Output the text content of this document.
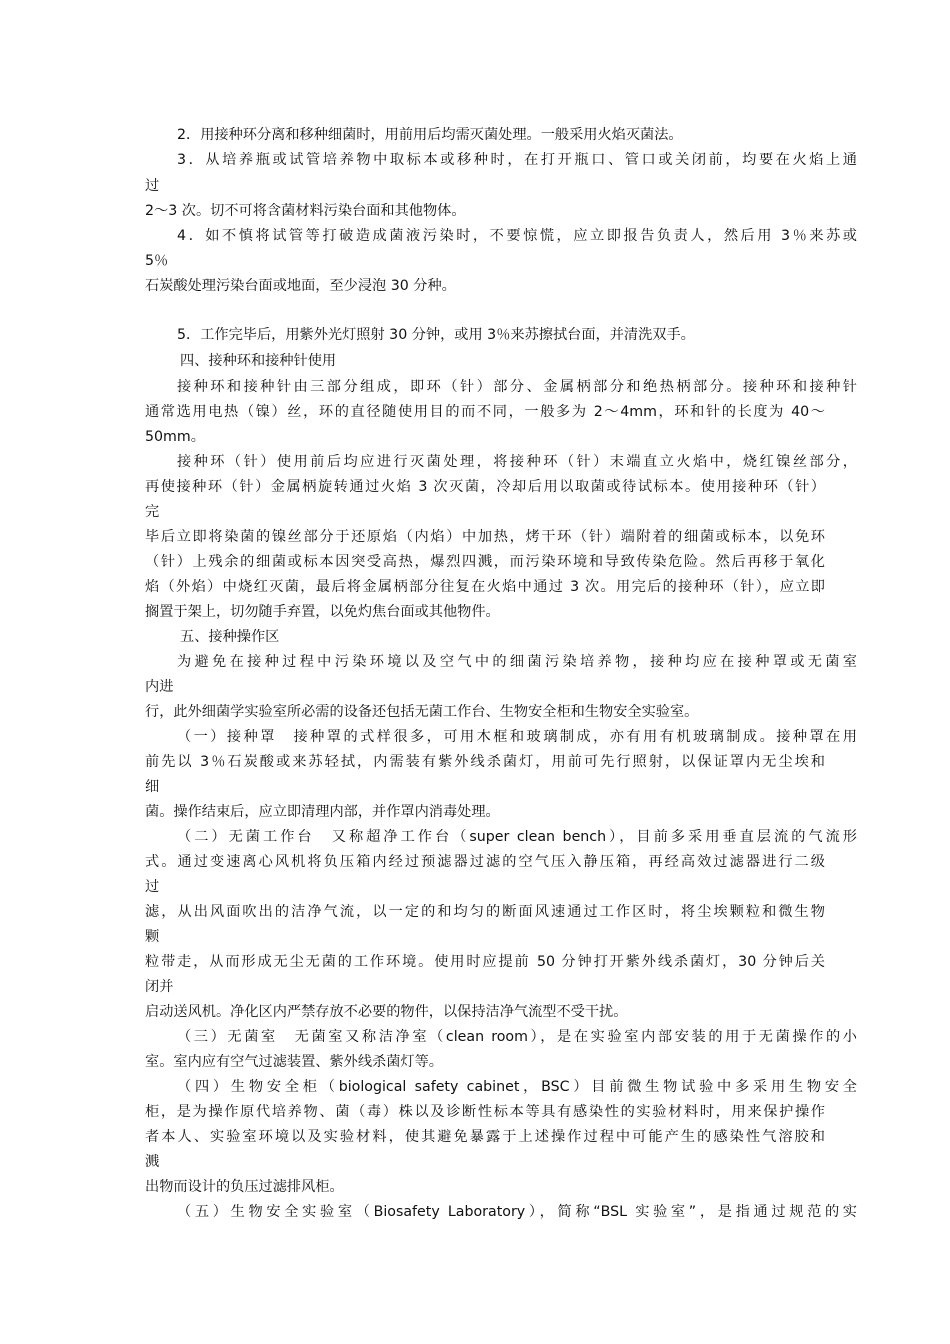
2．用接种环分离和移种细菌时，用前用后均需灭菌处理。一般采用火焰灭菌法。
3．从培养瓶或试管培养物中取标本或移种时，在打开瓶口、管口或关闭前，均要在火焰上通
过
2～3 次。切不可将含菌材料污染台面和其他物体。
4．如不慎将试管等打破造成菌液污染时，不要惊慌，应立即报告负责人，然后用 3％来苏或
5％
石炭酸处理污染台面或地面，至少浸泡 30 分种。
5．工作完毕后，用紫外光灯照射 30 分钟，或用 3％来苏擦拭台面，并清洗双手。
四、接种环和接种针使用
接种环和接种针由三部分组成，即环（针）部分、金属柄部分和绝热柄部分。接种环和接种针
通常选用电热（镍）丝，环的直径随使用目的而不同，一般多为 2～4mm，环和针的长度为 40～
50mm。
接种环（针）使用前后均应进行灭菌处理，将接种环（针）末端直立火焰中，烧红镍丝部分，
再使接种环（针）金属柄旋转通过火焰 3 次灭菌，冷却后用以取菌或待试标本。使用接种环（针）
完
毕后立即将染菌的镍丝部分于还原焰（内焰）中加热，烤干环（针）端附着的细菌或标本，以免环
（针）上残余的细菌或标本因突受高热，爆烈四溅，而污染环境和导致传染危险。然后再移于氧化
焰（外焰）中烧红灭菌，最后将金属柄部分往复在火焰中通过 3 次。用完后的接种环（针），应立即
搁置于架上，切勿随手弃置，以免灼焦台面或其他物件。
五、接种操作区
为避免在接种过程中污染环境以及空气中的细菌污染培养物，接种均应在接种罩或无菌室
内进
行，此外细菌学实验室所必需的设备还包括无菌工作台、生物安全柜和生物安全实验室。
（一）接种罩　接种罩的式样很多，可用木框和玻璃制成，亦有用有机玻璃制成。接种罩在用
前先以 3％石炭酸或来苏轻拭，内需装有紫外线杀菌灯，用前可先行照射，以保证罩内无尘埃和
细
菌。操作结束后，应立即清理内部，并作罩内消毒处理。
（二）无菌工作台　又称超净工作台（super clean bench），目前多采用垂直层流的气流形
式。通过变速离心风机将负压箱内经过预滤器过滤的空气压入静压箱，再经高效过滤器进行二级
过
滤，从出风面吹出的洁净气流，以一定的和均匀的断面风速通过工作区时，将尘埃颗粒和微生物
颗
粒带走，从而形成无尘无菌的工作环境。使用时应提前 50 分钟打开紫外线杀菌灯，30 分钟后关
闭并
启动送风机。净化区内严禁存放不必要的物件，以保持洁净气流型不受干扰。
（三）无菌室　无菌室又称洁净室（clean room），是在实验室内部安装的用于无菌操作的小
室。室内应有空气过滤装置、紫外线杀菌灯等。
（四）生物安全柜（biological safety cabinet，BSC）目前微生物试验中多采用生物安全
柜，是为操作原代培养物、菌（毒）株以及诊断性标本等具有感染性的实验材料时，用来保护操作
者本人、实验室环境以及实验材料，使其避免暴露于上述操作过程中可能产生的感染性气溶胶和
溅
出物而设计的负压过滤排风柜。
（五）生物安全实验室（Biosafety Laboratory），简称“BSL 实验室”，是指通过规范的实
